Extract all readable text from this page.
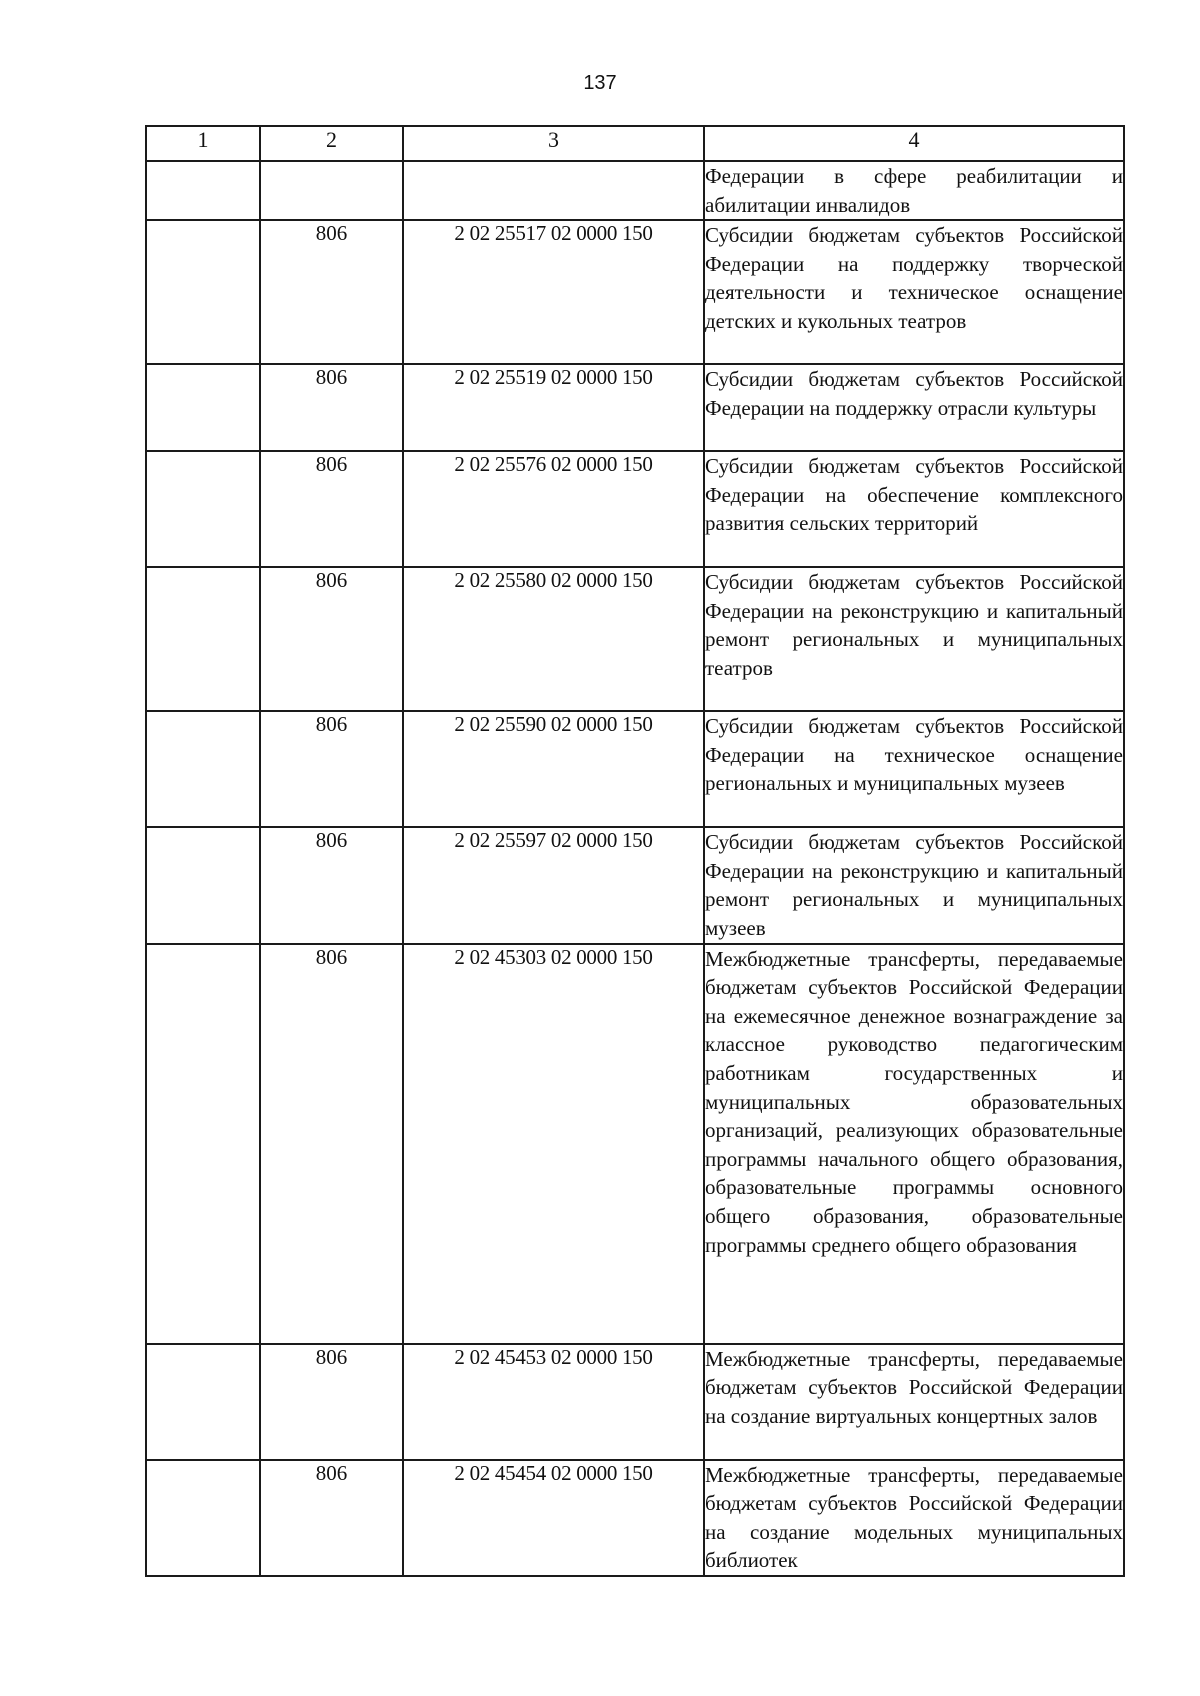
137
1	2	3	4
			Федерации в сфере реабилитации и абилитации инвалидов
	806	2 02 25517 02 0000 150	Субсидии бюджетам субъектов Российской Федерации на поддержку творческой деятельности и техническое оснащение детских и кукольных театров
	806	2 02 25519 02 0000 150	Субсидии бюджетам субъектов Российской Федерации на поддержку отрасли культуры
	806	2 02 25576 02 0000 150	Субсидии бюджетам субъектов Российской Федерации на обеспечение комплексного развития сельских территорий
	806	2 02 25580 02 0000 150	Субсидии бюджетам субъектов Российской Федерации на реконструкцию и капитальный ремонт региональных и муниципальных театров
	806	2 02 25590 02 0000 150	Субсидии бюджетам субъектов Российской Федерации на техническое оснащение региональных и муниципальных музеев
	806	2 02 25597 02 0000 150	Субсидии бюджетам субъектов Российской Федерации на реконструкцию и капитальный ремонт региональных и муниципальных музеев
	806	2 02 45303 02 0000 150	Межбюджетные трансферты, передаваемые бюджетам субъектов Российской Федерации на ежемесячное денежное вознаграждение за классное руководство педагогическим работникам государственных и муниципальных образовательных организаций, реализующих образовательные программы начального общего образования, образовательные программы основного общего образования, образовательные программы среднего общего образования
	806	2 02 45453 02 0000 150	Межбюджетные трансферты, передаваемые бюджетам субъектов Российской Федерации на создание виртуальных концертных залов
	806	2 02 45454 02 0000 150	Межбюджетные трансферты, передаваемые бюджетам субъектов Российской Федерации на создание модельных муниципальных библиотек
